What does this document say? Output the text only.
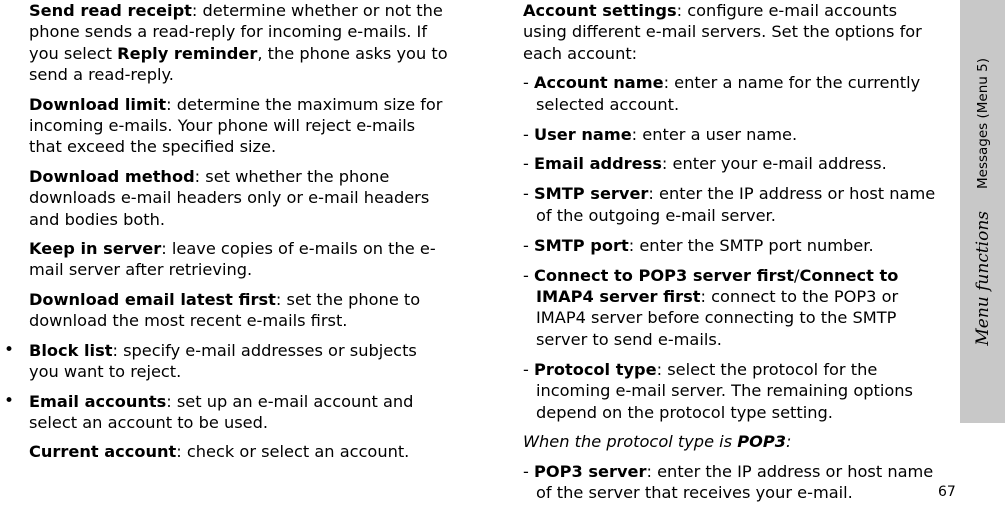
Send read receipt: determine whether or not the phone sends a read-reply for incoming e-mails. If you select Reply reminder, the phone asks you to send a read-reply.

Download limit: determine the maximum size for incoming e-mails. Your phone will reject e-mails that exceed the specified size.

Download method: set whether the phone downloads e-mail headers only or e-mail headers and bodies both.

Keep in server: leave copies of e-mails on the e-mail server after retrieving.

Download email latest first: set the phone to download the most recent e-mails first.

• Block list: specify e-mail addresses or subjects you want to reject.

• Email accounts: set up an e-mail account and select an account to be used.

Current account: check or select an account.

Account settings: configure e-mail accounts using different e-mail servers. Set the options for each account:

- Account name: enter a name for the currently selected account.

- User name: enter a user name.

- Email address: enter your e-mail address.

- SMTP server: enter the IP address or host name of the outgoing e-mail server.

- SMTP port: enter the SMTP port number.

- Connect to POP3 server first/Connect to IMAP4 server first: connect to the POP3 or IMAP4 server before connecting to the SMTP server to send e-mails.

- Protocol type: select the protocol for the incoming e-mail server. The remaining options depend on the protocol type setting.

When the protocol type is POP3:

- POP3 server: enter the IP address or host name of the server that receives your e-mail.

Menu functions
Messages (Menu 5)
67
